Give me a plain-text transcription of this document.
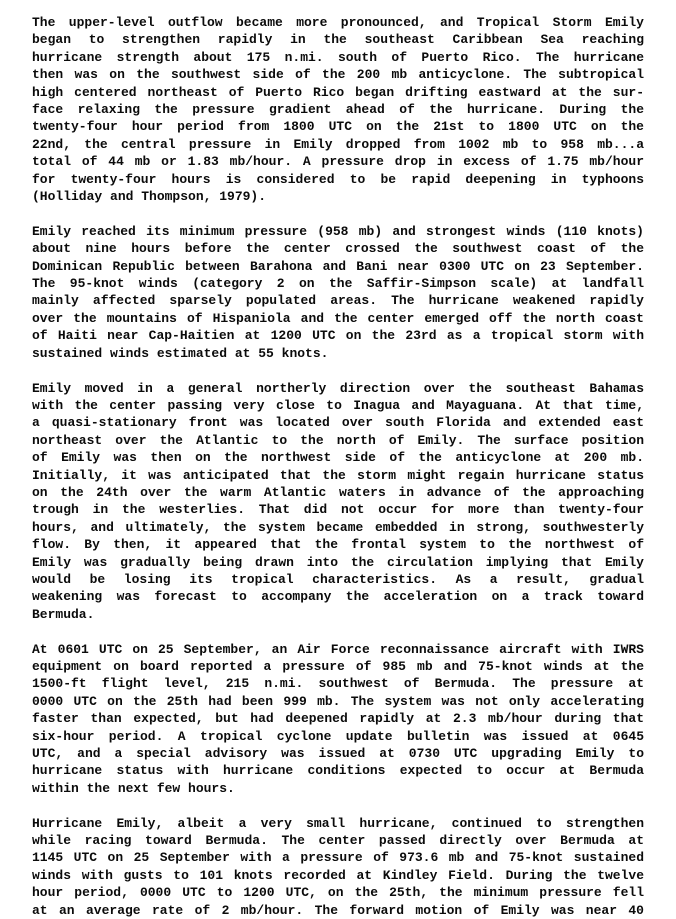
The upper-level outflow became more pronounced, and Tropical Storm Emily
began to strengthen rapidly in the southeast Caribbean Sea reaching
hurricane strength about 175 n.mi. south of Puerto Rico. The hurricane
then was on the southwest side of the 200 mb anticyclone. The subtropical
high centered northeast of Puerto Rico began drifting eastward at the sur-
face relaxing the pressure gradient ahead of the hurricane. During the
twenty-four hour period from 1800 UTC on the 21st to 1800 UTC on the
22nd, the central pressure in Emily dropped from 1002 mb to 958 mb...a
total of 44 mb or 1.83 mb/hour. A pressure drop in excess of 1.75 mb/hour
for twenty-four hours is considered to be rapid deepening in typhoons
(Holliday and Thompson, 1979).

Emily reached its minimum pressure (958 mb) and strongest winds (110 knots)
about nine hours before the center crossed the southwest coast of the
Dominican Republic between Barahona and Bani near 0300 UTC on 23 September.
The 95-knot winds (category 2 on the Saffir-Simpson scale) at landfall
mainly affected sparsely populated areas. The hurricane weakened rapidly
over the mountains of Hispaniola and the center emerged off the north coast
of Haiti near Cap-Haitien at 1200 UTC on the 23rd as a tropical storm with
sustained winds estimated at 55 knots.

Emily moved in a general northerly direction over the southeast Bahamas
with the center passing very close to Inagua and Mayaguana. At that time,
a quasi-stationary front was located over south Florida and extended east
northeast over the Atlantic to the north of Emily. The surface position
of Emily was then on the northwest side of the anticyclone at 200 mb.
Initially, it was anticipated that the storm might regain hurricane status
on the 24th over the warm Atlantic waters in advance of the approaching
trough in the westerlies. That did not occur for more than twenty-four
hours, and ultimately, the system became embedded in strong, southwesterly
flow. By then, it appeared that the frontal system to the northwest of
Emily was gradually being drawn into the circulation implying that Emily
would be losing its tropical characteristics. As a result, gradual
weakening was forecast to accompany the acceleration on a track toward
Bermuda.

At 0601 UTC on 25 September, an Air Force reconnaissance aircraft with IWRS
equipment on board reported a pressure of 985 mb and 75-knot winds at the
1500-ft flight level, 215 n.mi. southwest of Bermuda. The pressure at
0000 UTC on the 25th had been 999 mb. The system was not only accelerating
faster than expected, but had deepened rapidly at 2.3 mb/hour during that
six-hour period. A tropical cyclone update bulletin was issued at 0645
UTC, and a special advisory was issued at 0730 UTC upgrading Emily to
hurricane status with hurricane conditions expected to occur at Bermuda
within the next few hours.

Hurricane Emily, albeit a very small hurricane, continued to strengthen
while racing toward Bermuda. The center passed directly over Bermuda at
1145 UTC on 25 September with a pressure of 973.6 mb and 75-knot sustained
winds with gusts to 101 knots recorded at Kindley Field. During the twelve
hour period, 0000 UTC to 1200 UTC, on the 25th, the minimum pressure fell
at an average rate of 2 mb/hour. The forward motion of Emily was near 40
